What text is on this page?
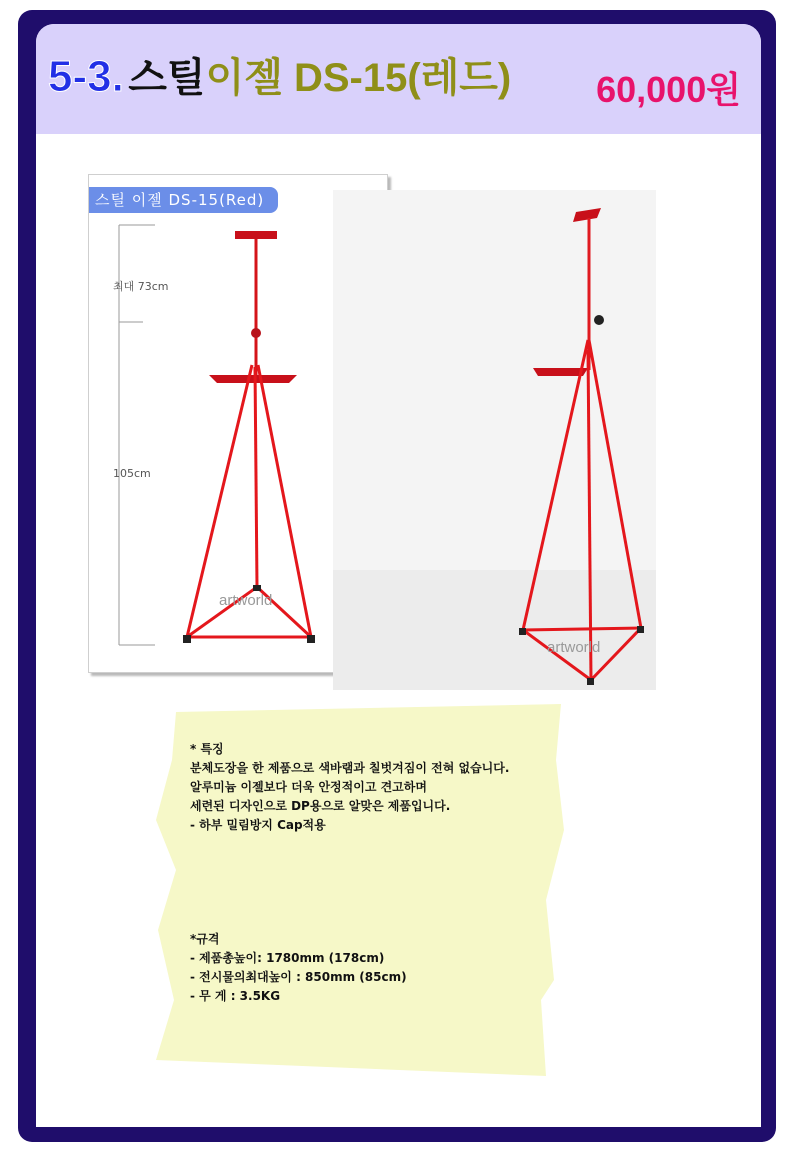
5-3. 스틸이젤 DS-15(레드) 60,000원
스틸 이젤 DS-15(Red)
artworld
최대 73cm
105cm
artworld
* 특징
분체도장을 한 제품으로 색바램과 칠벗겨짐이 전혀 없습니다.
알루미늄 이젤보다 더욱 안정적이고 견고하며
세련된 디자인으로 DP용으로 알맞은 제품입니다.
- 하부 밀림방지 Cap적용
*규격
- 제품총높이: 1780mm (178cm)
- 전시물의최대높이 : 850mm (85cm)
- 무 게 : 3.5KG
